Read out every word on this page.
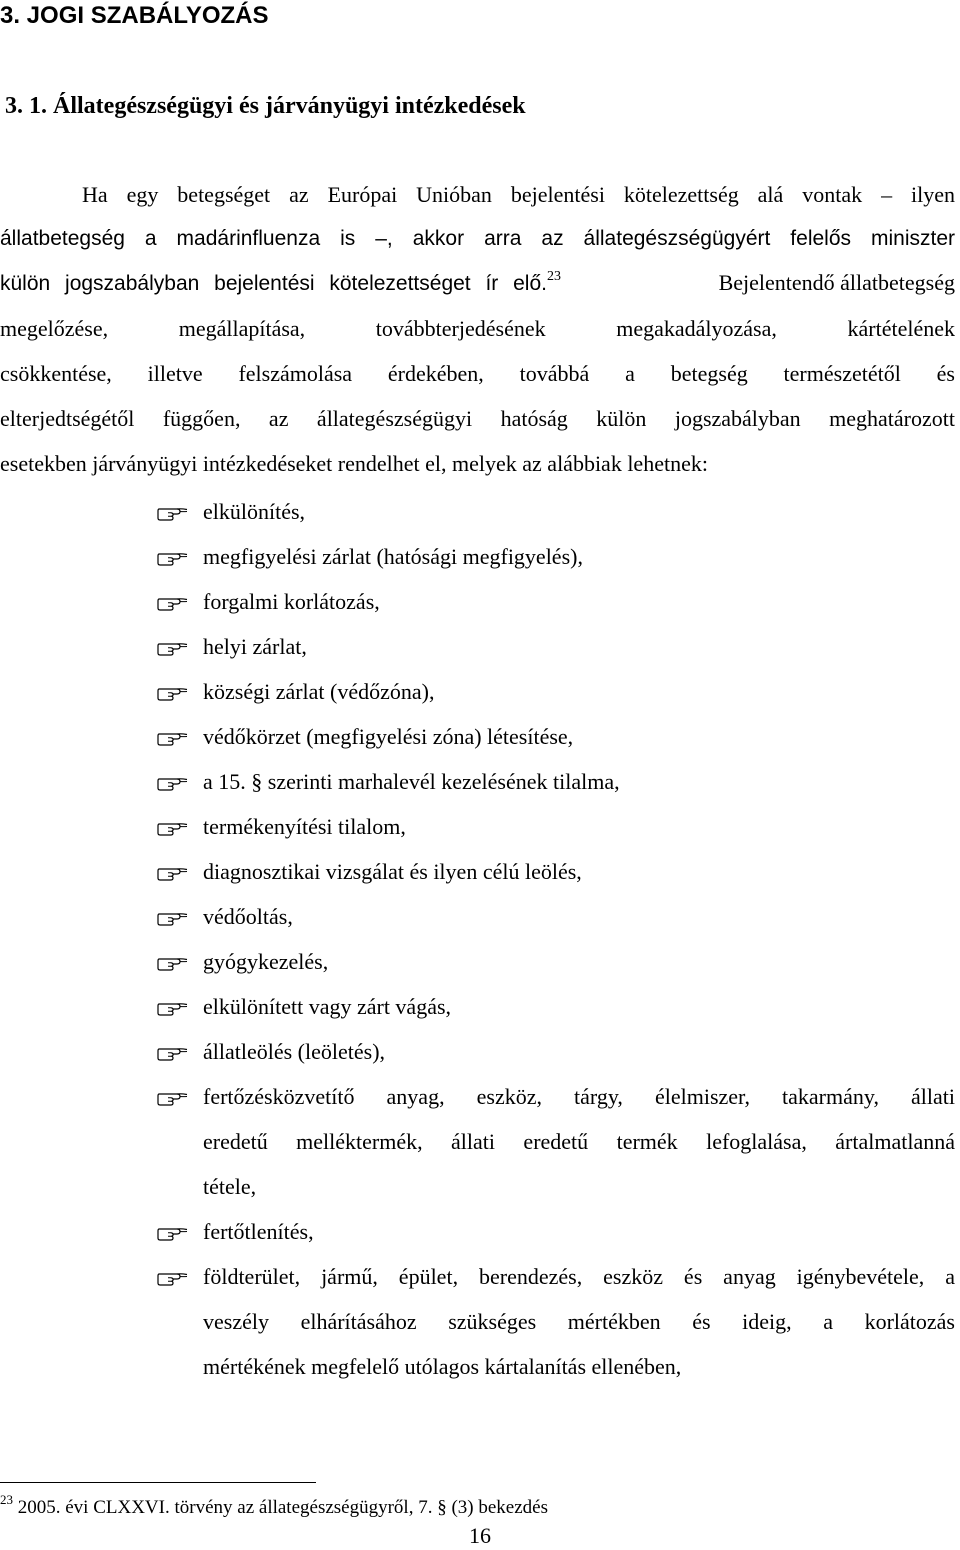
3. JOGI SZABÁLYOZÁS
3. 1. Állategészségügyi és járványügyi intézkedések
Ha egy betegséget az Európai Unióban bejelentési kötelezettség alá vontak – ilyen
állatbetegség a madárinfluenza is –, akkor arra az állategészségügyért felelős miniszter
külön jogszabályban bejelentési kötelezettséget ír elő.$^{23}$	Bejelentendő állatbetegség
megelőzése, megállapítása, továbbterjedésének megakadályozása, kártételének
csökkentése, illetve felszámolása érdekében, továbbá a betegség természetétől és
elterjedtségétől függően, az állategészségügyi hatóság külön jogszabályban meghatározott
esetekben járványügyi intézkedéseket rendelhet el, melyek az alábbiak lehetnek:
elkülönítés,
megfigyelési zárlat (hatósági megfigyelés),
forgalmi korlátozás,
helyi zárlat,
községi zárlat (védőzóna),
védőkörzet (megfigyelési zóna) létesítése,
a 15. § szerinti marhalevél kezelésének tilalma,
termékenyítési tilalom,
diagnosztikai vizsgálat és ilyen célú leölés,
védőoltás,
gyógykezelés,
elkülönített vagy zárt vágás,
állatleölés (leöletés),
fertőzésközvetítő anyag, eszköz, tárgy, élelmiszer, takarmány, állati
eredetű melléktermék, állati eredetű termék lefoglalása, ártalmatlanná
tétele,
fertőtlenítés,
földterület, jármű, épület, berendezés, eszköz és anyag igénybevétele, a
veszély elhárításához szükséges mértékben és ideig, a korlátozás
mértékének megfelelő utólagos kártalanítás ellenében,
$^{23}$ 2005. évi CLXXVI. törvény az állategészségügyről, 7. § (3) bekezdés
16
